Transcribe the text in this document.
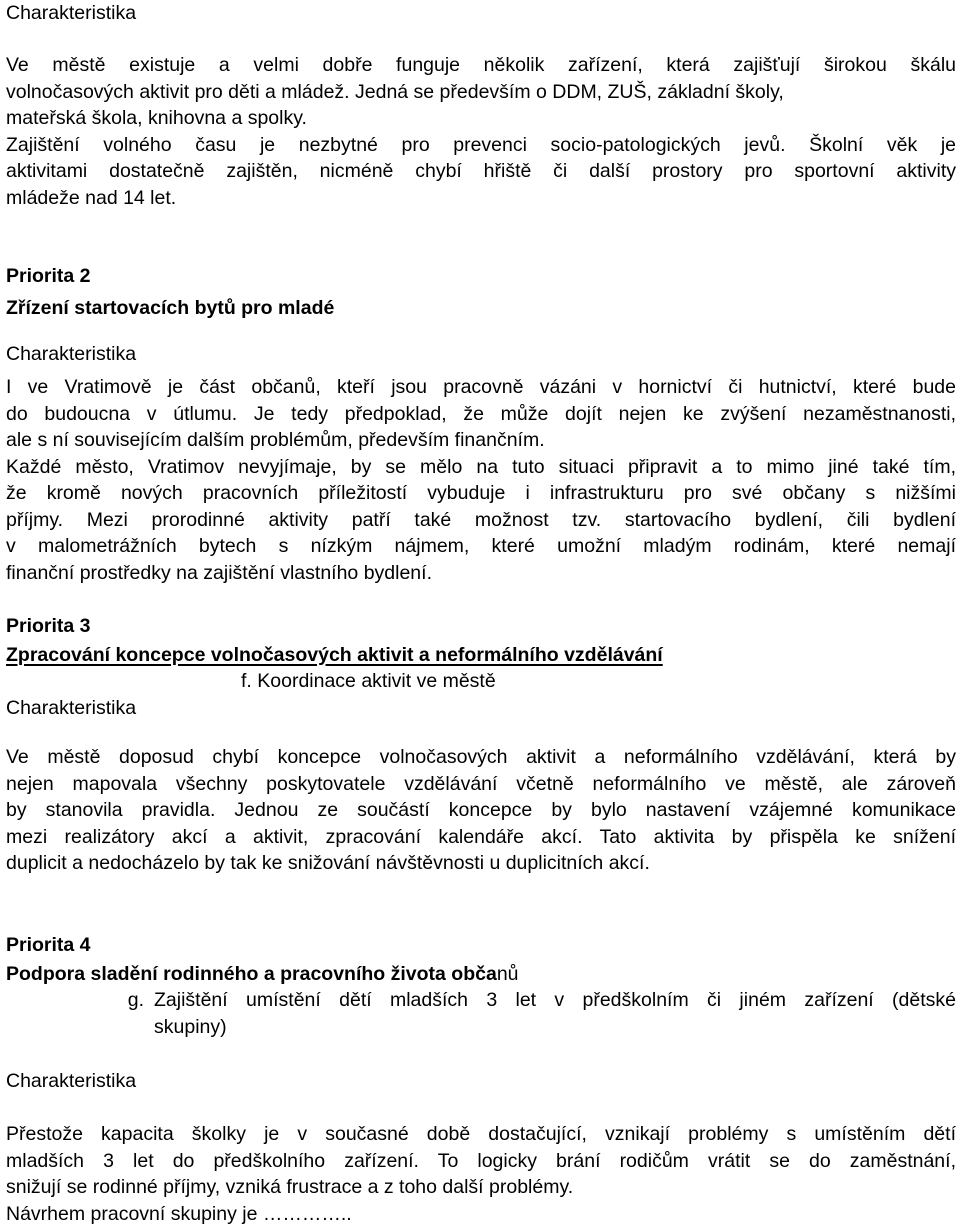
Charakteristika

Ve městě existuje a velmi dobře funguje několik zařízení, která zajišťují širokou škálu

volnočasových aktivit pro děti a mládež. Jedná se především o DDM, ZUŠ, základní školy,

mateřská škola, knihovna a spolky.

Zajištění volného času je nezbytné pro prevenci socio-patologických jevů. Školní věk je

aktivitami dostatečně zajištěn, nicméně chybí hřiště či další prostory pro sportovní aktivity

mládeže nad 14 let.

Priorita 2

Zřízení startovacích bytů pro mladé

Charakteristika

I ve Vratimově je část občanů, kteří jsou pracovně vázáni v hornictví či hutnictví, které bude

do budoucna v útlumu. Je tedy předpoklad, že může dojít nejen ke zvýšení nezaměstnanosti,

ale s ní souvisejícím dalším problémům, především finančním.

Každé město, Vratimov nevyjímaje, by se mělo na tuto situaci připravit a to mimo jiné také tím,

že kromě nových pracovních příležitostí vybuduje i infrastrukturu pro své občany s nižšími

příjmy. Mezi prorodinné aktivity patří také možnost tzv. startovacího bydlení, čili bydlení

v malometrážních bytech s nízkým nájmem, které umožní mladým rodinám, které nemají

finanční prostředky na zajištění vlastního bydlení.

Priorita 3

Zpracování koncepce volnočasových aktivit a neformálního vzdělávání

f. Koordinace aktivit ve městě

Charakteristika

Ve městě doposud chybí koncepce volnočasových aktivit a neformálního vzdělávání, která by

nejen mapovala všechny poskytovatele vzdělávání včetně neformálního ve městě, ale zároveň

by stanovila pravidla. Jednou ze součástí koncepce by bylo nastavení vzájemné komunikace

mezi realizátory akcí a aktivit, zpracování kalendáře akcí. Tato aktivita by přispěla ke snížení

duplicit a nedocházelo by tak ke snižování návštěvnosti u duplicitních akcí.

Priorita 4

Podpora sladění rodinného a pracovního života občanů

g. Zajištění umístění dětí mladších 3 let v předškolním či jiném zařízení (dětské

skupiny)

Charakteristika

Přestože kapacita školky je v současné době dostačující, vznikají problémy s umístěním dětí

mladších 3 let do předškolního zařízení. To logicky brání rodičům vrátit se do zaměstnání,

snižují se rodinné příjmy, vzniká frustrace a z toho další problémy.

Návrhem pracovní skupiny je …………..
